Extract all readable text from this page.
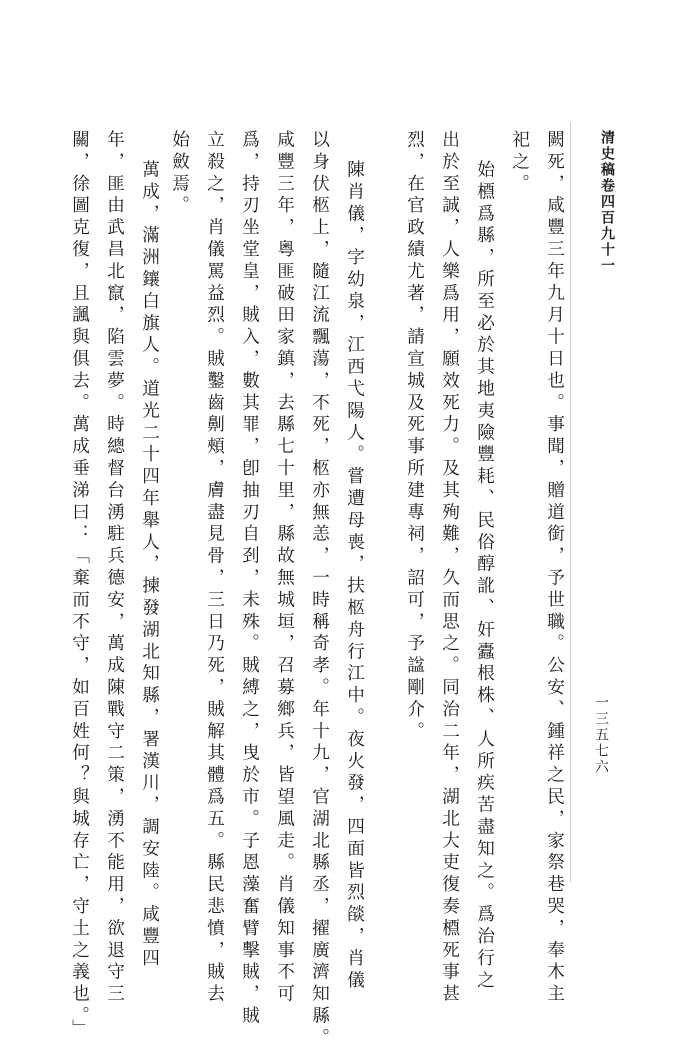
清史稿卷四百九十一
一三五七六
闕死，咸豐三年九月十日也。事聞，贈道銜，予世職。公安、鍾祥之民，家祭巷哭，奉木主
祀之。
始槱爲縣，所至必於其地夷險豐耗、民俗醇訛、奸蠹根株、人所疾苦盡知之。爲治行之
出於至誠，人樂爲用，願效死力。及其殉難，久而思之。同治二年，湖北大吏復奏槱死事甚
烈，在官政績尤著，請宣城及死事所建專祠，詔可，予諡剛介。
陳肖儀，字幼泉，江西弋陽人。嘗遭母喪，扶柩舟行江中。夜火發，四面皆烈燄，肖儀
以身伏柩上，隨江流飄蕩，不死，柩亦無恙，一時稱奇孝。年十九，官湖北縣丞，擢廣濟知縣。
咸豐三年，粵匪破田家鎮，去縣七十里，縣故無城垣，召募鄉兵，皆望風走。肖儀知事不可
爲，持刃坐堂皇，賊入，數其罪，卽抽刃自刭，未殊。賊縛之，曳於市。子恩藻奮臂擊賊，賊
立殺之，肖儀罵益烈。賊鑿齒劓頰，膚盡見骨，三日乃死，賊解其體爲五。縣民悲憤，賊去
始斂焉。
萬成，滿洲鑲白旗人。道光二十四年舉人，揀發湖北知縣，署漢川，調安陸。咸豐四
年，匪由武昌北竄，陷雲夢。時總督台湧駐兵德安，萬成陳戰守二策，湧不能用，欲退守三
關，徐圖克復，且諷與俱去。萬成垂涕曰：「棄而不守，如百姓何？與城存亡，守土之義也。」
